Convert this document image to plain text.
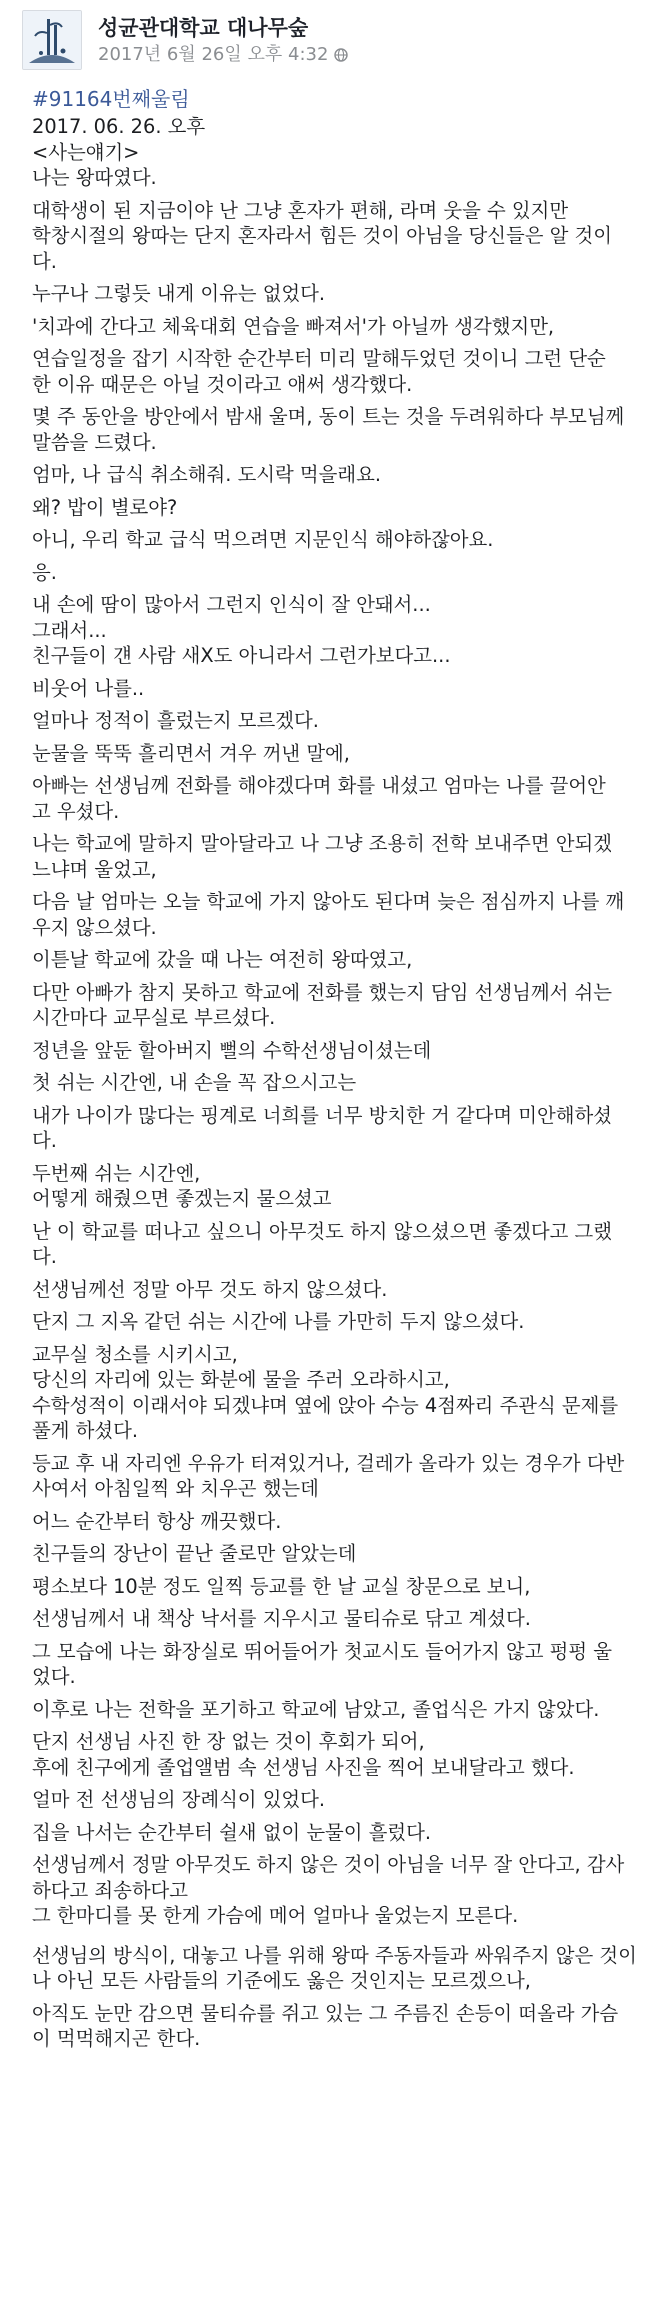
성균관대학교 대나무숲
2017년 6월 26일 오후 4:32
#91164번째울림

2017. 06. 26. 오후

<사는얘기>

나는 왕따였다.

대학생이 된 지금이야 난 그냥 혼자가 편해, 라며 웃을 수 있지만

학창시절의 왕따는 단지 혼자라서 힘든 것이 아님을 당신들은 알 것이

다.

누구나 그렇듯 내게 이유는 없었다.

'치과에 간다고 체육대회 연습을 빠져서'가 아닐까 생각했지만,

연습일정을 잡기 시작한 순간부터 미리 말해두었던 것이니 그런 단순

한 이유 때문은 아닐 것이라고 애써 생각했다.

몇 주 동안을 방안에서 밤새 울며, 동이 트는 것을 두려워하다 부모님께

말씀을 드렸다.

엄마, 나 급식 취소해줘. 도시락 먹을래요.

왜? 밥이 별로야?

아니, 우리 학교 급식 먹으려면 지문인식 해야하잖아요.

응.

내 손에 땀이 많아서 그런지 인식이 잘 안돼서...

그래서...

친구들이 걘 사람 새X도 아니라서 그런가보다고...

비웃어 나를..

얼마나 정적이 흘렀는지 모르겠다.

눈물을 뚝뚝 흘리면서 겨우 꺼낸 말에,

아빠는 선생님께 전화를 해야겠다며 화를 내셨고 엄마는 나를 끌어안

고 우셨다.

나는 학교에 말하지 말아달라고 나 그냥 조용히 전학 보내주면 안되겠

느냐며 울었고,

다음 날 엄마는 오늘 학교에 가지 않아도 된다며 늦은 점심까지 나를 깨

우지 않으셨다.

이튿날 학교에 갔을 때 나는 여전히 왕따였고,

다만 아빠가 참지 못하고 학교에 전화를 했는지 담임 선생님께서 쉬는

시간마다 교무실로 부르셨다.

정년을 앞둔 할아버지 뻘의 수학선생님이셨는데

첫 쉬는 시간엔, 내 손을 꼭 잡으시고는

내가 나이가 많다는 핑계로 너희를 너무 방치한 거 같다며 미안해하셨

다.

두번째 쉬는 시간엔,

어떻게 해줬으면 좋겠는지 물으셨고

난 이 학교를 떠나고 싶으니 아무것도 하지 않으셨으면 좋겠다고 그랬

다.

선생님께선 정말 아무 것도 하지 않으셨다.

단지 그 지옥 같던 쉬는 시간에 나를 가만히 두지 않으셨다.

교무실 청소를 시키시고,

당신의 자리에 있는 화분에 물을 주러 오라하시고,

수학성적이 이래서야 되겠냐며 옆에 앉아 수능 4점짜리 주관식 문제를

풀게 하셨다.

등교 후 내 자리엔 우유가 터져있거나, 걸레가 올라가 있는 경우가 다반

사여서 아침일찍 와 치우곤 했는데

어느 순간부터 항상 깨끗했다.

친구들의 장난이 끝난 줄로만 알았는데

평소보다 10분 정도 일찍 등교를 한 날 교실 창문으로 보니,

선생님께서 내 책상 낙서를 지우시고 물티슈로 닦고 계셨다.

그 모습에 나는 화장실로 뛰어들어가 첫교시도 들어가지 않고 펑펑 울

었다.

이후로 나는 전학을 포기하고 학교에 남았고, 졸업식은 가지 않았다.

단지 선생님 사진 한 장 없는 것이 후회가 되어,

후에 친구에게 졸업앨범 속 선생님 사진을 찍어 보내달라고 했다.

얼마 전 선생님의 장례식이 있었다.

집을 나서는 순간부터 쉴새 없이 눈물이 흘렀다.

선생님께서 정말 아무것도 하지 않은 것이 아님을 너무 잘 안다고, 감사

하다고 죄송하다고

그 한마디를 못 한게 가슴에 메어 얼마나 울었는지 모른다.

선생님의 방식이, 대놓고 나를 위해 왕따 주동자들과 싸워주지 않은 것이

나 아닌 모든 사람들의 기준에도 옳은 것인지는 모르겠으나,

아직도 눈만 감으면 물티슈를 쥐고 있는 그 주름진 손등이 떠올라 가슴

이 먹먹해지곤 한다.
